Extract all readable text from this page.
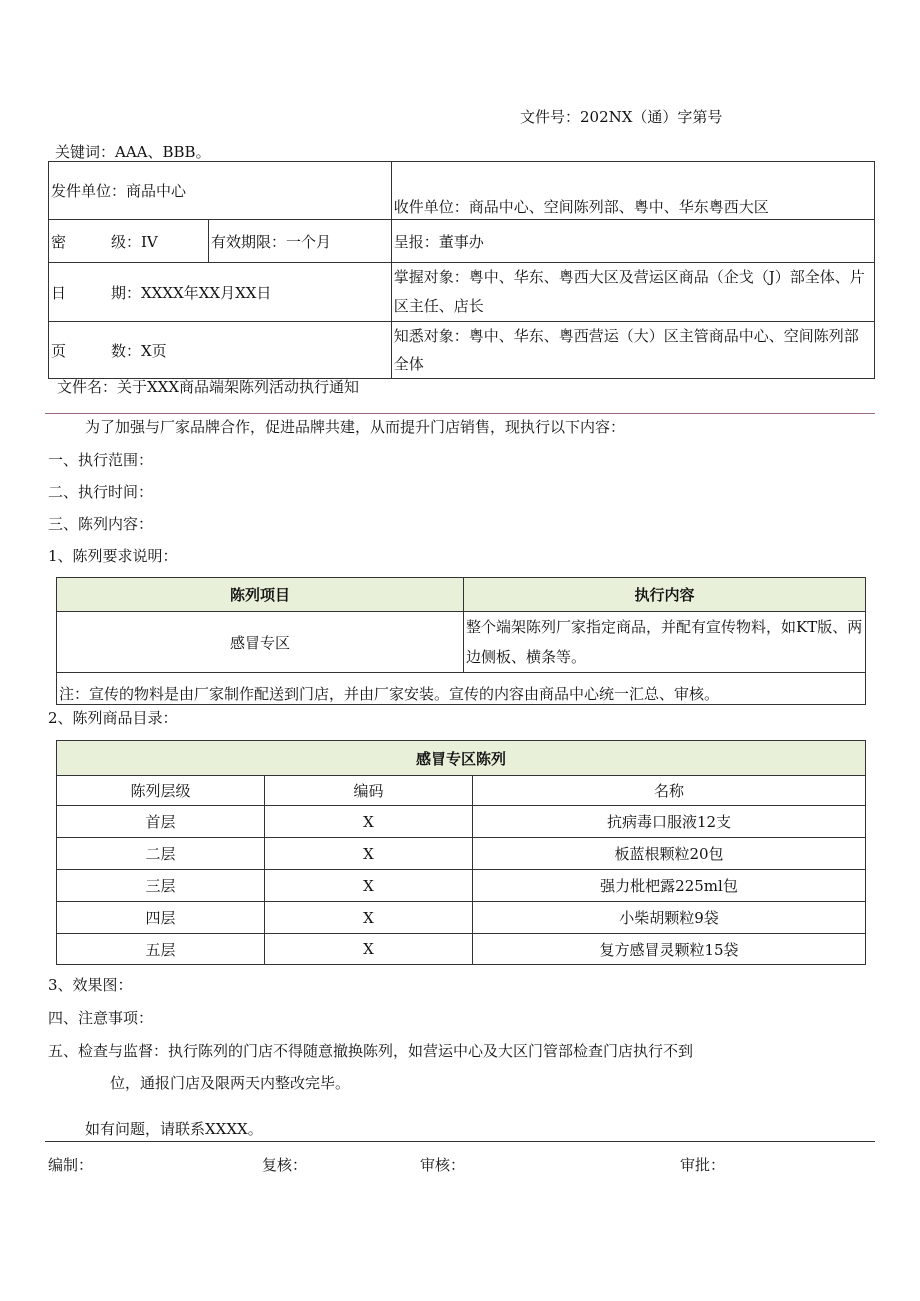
文件号：202NX（通）字第号
关键词：AAA、BBB。
发件单位：商品中心		收件单位：商品中心、空间陈列部、粤中、华东粤西大区
密　　　级：IV	有效期限：一个月	呈报：董事办
日　　　期：XXXX年XX月XX日		掌握对象：粤中、华东、粤西大区及营运区商品（企戈（J）部全体、片区主任、店长
页　　　数：X页		知悉对象：粤中、华东、粤西营运（大）区主管商品中心、空间陈列部全体
文件名：关于XXX商品端架陈列活动执行通知
为了加强与厂家品牌合作，促进品牌共建，从而提升门店销售，现执行以下内容：
一、执行范围：
二、执行时间：
三、陈列内容：
1、陈列要求说明：
陈列项目	执行内容
感冒专区	整个端架陈列厂家指定商品，并配有宣传物料，如KT版、两边侧板、横条等。
注：宣传的物料是由厂家制作配送到门店，并由厂家安装。宣传的内容由商品中心统一汇总、审核。	
2、陈列商品目录：
感冒专区陈列		
陈列层级	编码	名称
首层	X	抗病毒口服液12支
二层	X	板蓝根颗粒20包
三层	X	强力枇杷露225ml包
四层	X	小柴胡颗粒9袋
五层	X	复方感冒灵颗粒15袋
3、效果图：
四、注意事项：
五、检查与监督：执行陈列的门店不得随意撤换陈列，如营运中心及大区门管部检查门店执行不到
位，通报门店及限两天内整改完毕。
如有问题，请联系XXXX。
编制：	复核：	审核：	审批：
